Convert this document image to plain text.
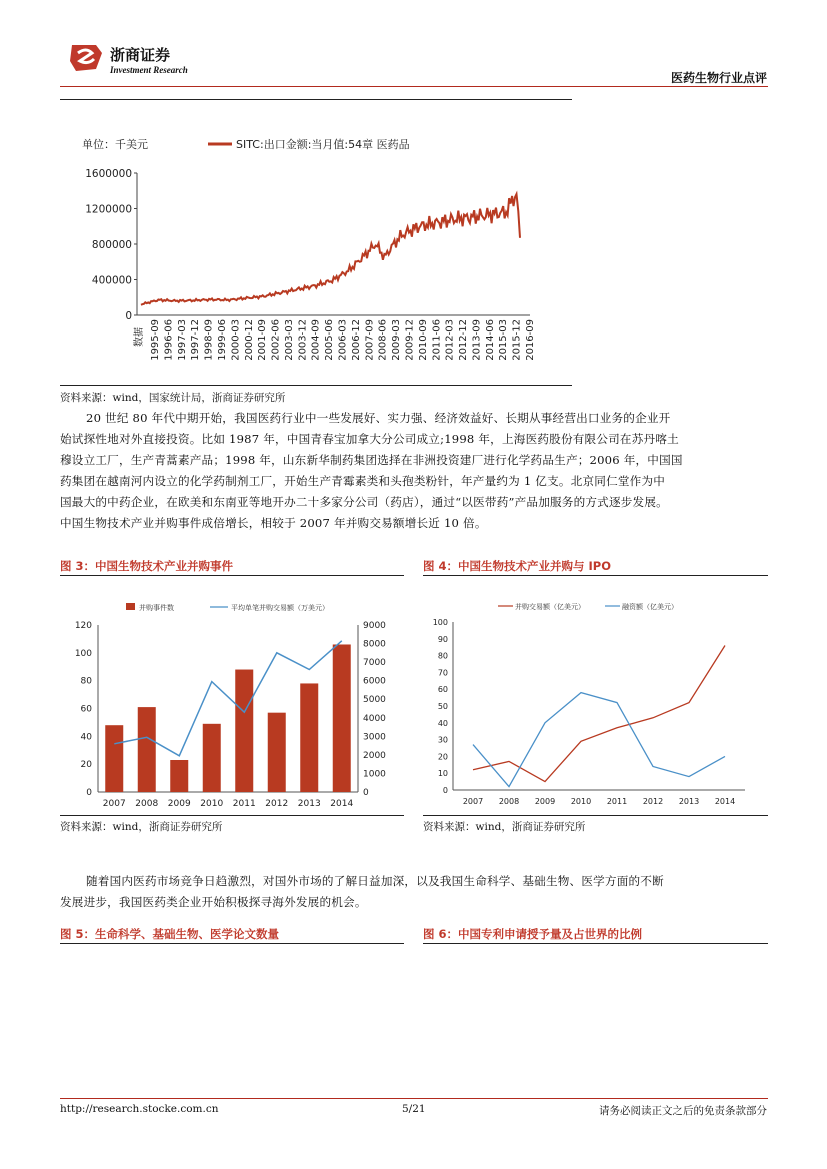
浙商证券
Investment Research
医药生物行业点评
单位：千美元	SITC:出口金额:当月值:54章 医药品
0
400000
800000
1200000
1600000
数据 1995-09 1996-06 1997-03 1997-12 1998-09 1999-06 2000-03 2000-12 2001-09 2002-06 2003-03 2003-12 2004-09 2005-06 2006-03 2006-12 2007-09 2008-06 2009-03 2009-12 2010-09 2011-06 2012-03 2012-12 2013-09 2014-06 2015-03 2015-12 2016-09
资料来源：wind，国家统计局，浙商证券研究所
20 世纪 80 年代中期开始，我国医药行业中一些发展好、实力强、经济效益好、长期从事经营出口业务的企业开
始试探性地对外直接投资。比如 1987 年，中国青春宝加拿大分公司成立;1998 年，上海医药股份有限公司在苏丹喀土
穆设立工厂，生产青蒿素产品；1998 年，山东新华制药集团选择在非洲投资建厂进行化学药品生产；2006 年，中国国
药集团在越南河内设立的化学药制剂工厂，开始生产青霉素类和头孢类粉针，年产量约为 1 亿支。北京同仁堂作为中
国最大的中药企业，在欧美和东南亚等地开办二十多家分公司（药店），通过“以医带药”产品加服务的方式逐步发展。
中国生物技术产业并购事件成倍增长，相较于 2007 年并购交易额增长近 10 倍。
图 3：中国生物技术产业并购事件	图 4：中国生物技术产业并购与 IPO
并购事件数	平均单笔并购交易额（万美元）
0
20
40
60
80
100
120
0
1000
2000
3000
4000
5000
6000
7000
8000
9000
2007 2008 2009 2010 2011 2012 2013 2014
并购交易额（亿美元）	融资额（亿美元）
0
10
20
30
40
50
60
70
80
90
100
2007 2008 2009 2010 2011 2012 2013 2014
资料来源：wind，浙商证券研究所	资料来源：wind，浙商证券研究所
随着国内医药市场竞争日趋激烈，对国外市场的了解日益加深，以及我国生命科学、基础生物、医学方面的不断
发展进步，我国医药类企业开始积极探寻海外发展的机会。
图 5：生命科学、基础生物、医学论文数量	图 6：中国专利申请授予量及占世界的比例
http://research.stocke.com.cn	5/21	请务必阅读正文之后的免责条款部分
